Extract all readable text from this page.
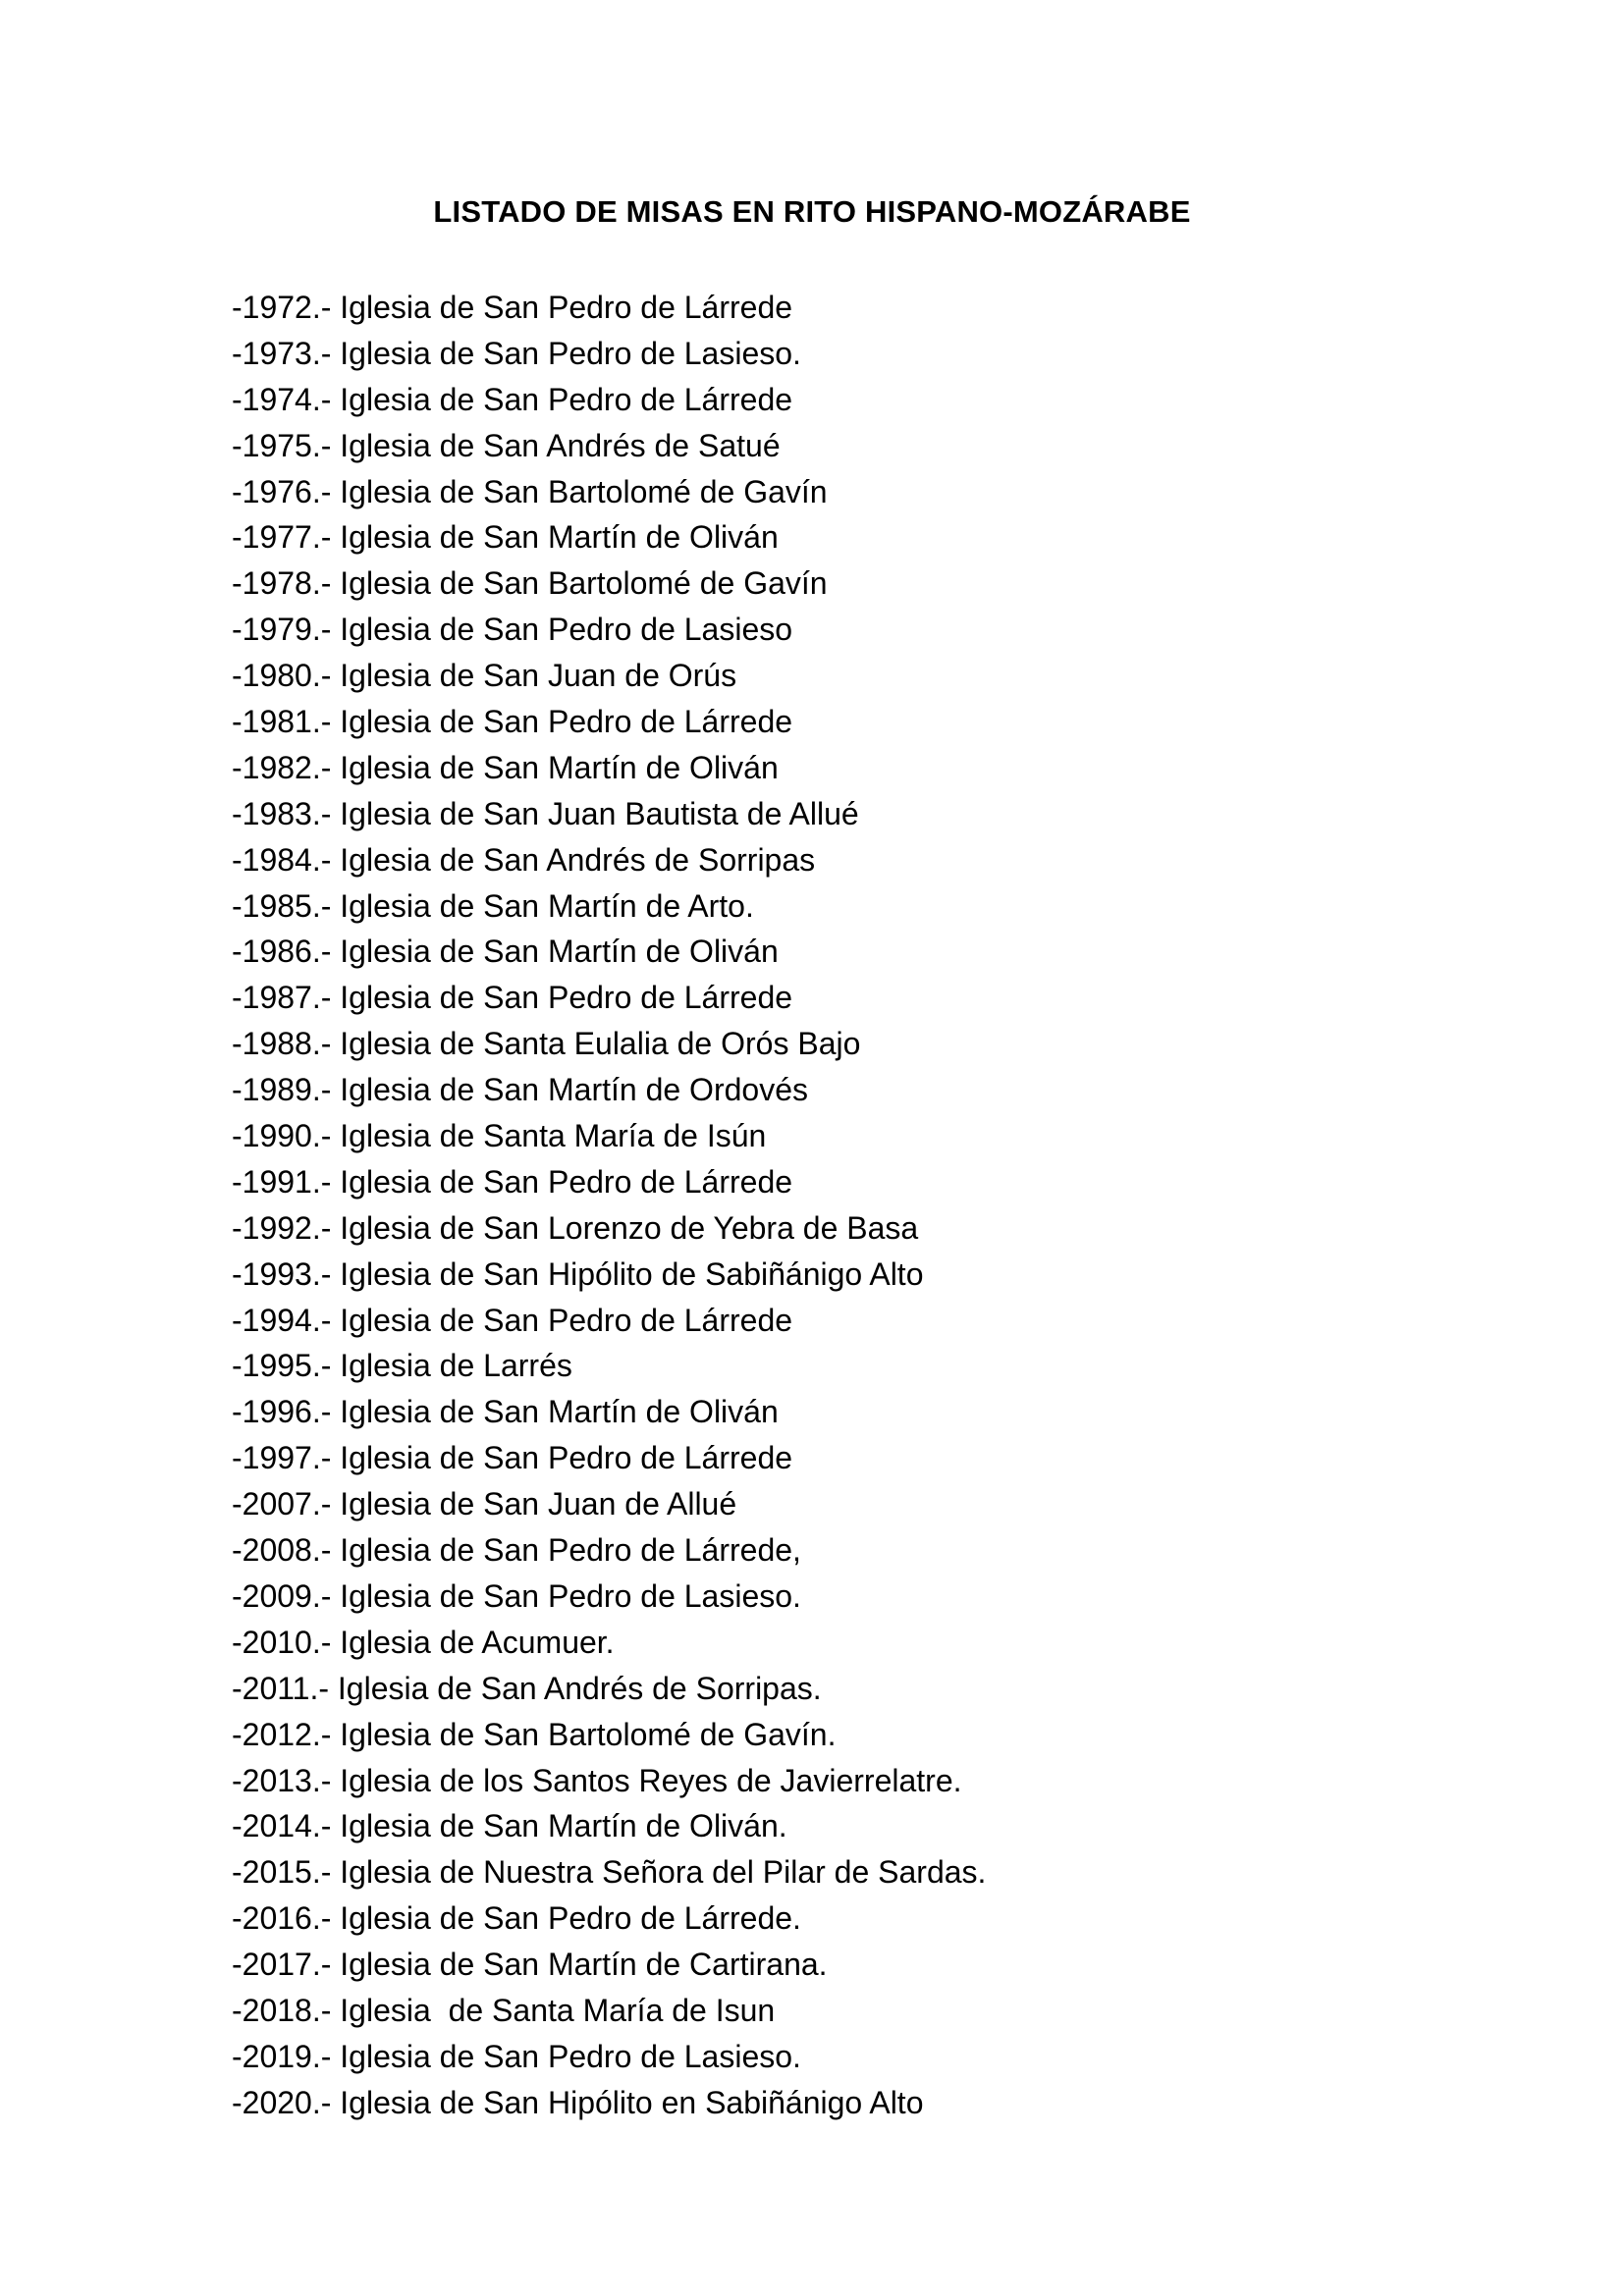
LISTADO DE MISAS EN RITO HISPANO-MOZÁRABE
-1972.- Iglesia de San Pedro de Lárrede
-1973.- Iglesia de San Pedro de Lasieso.
-1974.- Iglesia de San Pedro de Lárrede
-1975.- Iglesia de San Andrés de Satué
-1976.- Iglesia de San Bartolomé de Gavín
-1977.- Iglesia de San Martín de Oliván
-1978.- Iglesia de San Bartolomé de Gavín
-1979.- Iglesia de San Pedro de Lasieso
-1980.- Iglesia de San Juan de Orús
-1981.- Iglesia de San Pedro de Lárrede
-1982.- Iglesia de San Martín de Oliván
-1983.- Iglesia de San Juan Bautista de Allué
-1984.- Iglesia de San Andrés de Sorripas
-1985.- Iglesia de San Martín de Arto.
-1986.- Iglesia de San Martín de Oliván
-1987.- Iglesia de San Pedro de Lárrede
-1988.- Iglesia de Santa Eulalia de Orós Bajo
-1989.- Iglesia de San Martín de Ordovés
-1990.- Iglesia de Santa María de Isún
-1991.- Iglesia de San Pedro de Lárrede
-1992.- Iglesia de San Lorenzo de Yebra de Basa
-1993.- Iglesia de San Hipólito de Sabiñánigo Alto
-1994.- Iglesia de San Pedro de Lárrede
-1995.- Iglesia de Larrés
-1996.- Iglesia de San Martín de Oliván
-1997.- Iglesia de San Pedro de Lárrede
-2007.- Iglesia de San Juan de Allué
-2008.- Iglesia de San Pedro de Lárrede,
-2009.- Iglesia de San Pedro de Lasieso.
-2010.- Iglesia de Acumuer.
-2011.- Iglesia de San Andrés de Sorripas.
-2012.- Iglesia de San Bartolomé de Gavín.
-2013.- Iglesia de los Santos Reyes de Javierrelatre.
-2014.- Iglesia de San Martín de Oliván.
-2015.- Iglesia de Nuestra Señora del Pilar de Sardas.
-2016.- Iglesia de San Pedro de Lárrede.
-2017.- Iglesia de San Martín de Cartirana.
-2018.- Iglesia  de Santa María de Isun
-2019.- Iglesia de San Pedro de Lasieso.
-2020.- Iglesia de San Hipólito en Sabiñánigo Alto
